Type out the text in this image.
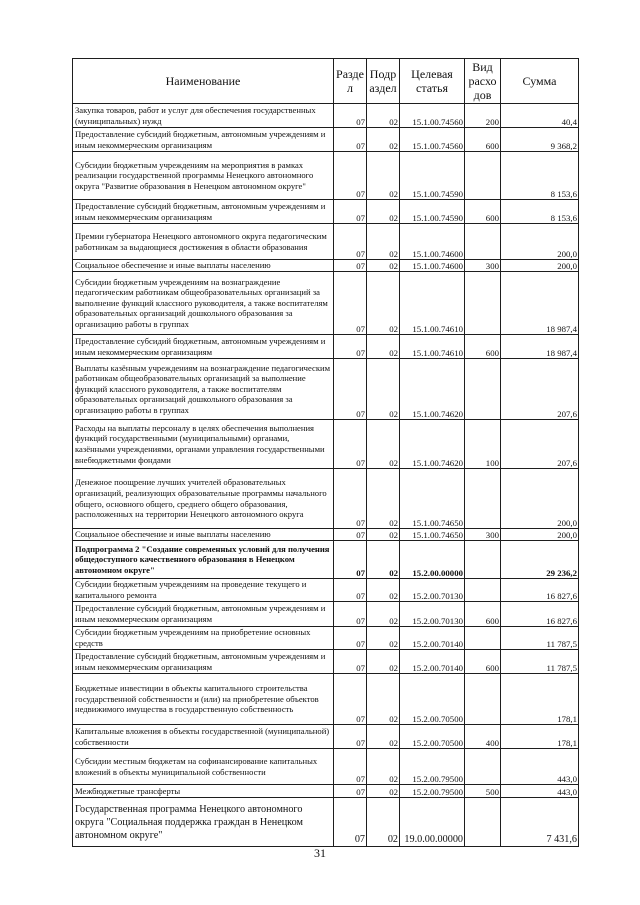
Наименование	Раздел	Подраздел	Целевая статья	Вид расходов	Сумма
Закупка товаров, работ и услуг для обеспечения государственных (муниципальных) нужд	07	02	15.1.00.74560	200	40,4
Предоставление субсидий бюджетным, автономным учреждениям и иным некоммерческим организациям	07	02	15.1.00.74560	600	9 368,2
Субсидии бюджетным учреждениям на мероприятия в рамках реализации государственной программы Ненецкого автономного округа "Развитие образования в Ненецком автономном округе"	07	02	15.1.00.74590		8 153,6
Предоставление субсидий бюджетным, автономным учреждениям и иным некоммерческим организациям	07	02	15.1.00.74590	600	8 153,6
Премии губернатора Ненецкого автономного округа педагогическим работникам за выдающиеся достижения в области образования	07	02	15.1.00.74600		200,0
Социальное обеспечение и иные выплаты населению	07	02	15.1.00.74600	300	200,0
Субсидии бюджетным учреждениям на вознаграждение педагогическим работникам общеобразовательных организаций за выполнение функций классного руководителя, а также воспитателям образовательных организаций дошкольного образования за организацию работы в группах	07	02	15.1.00.74610		18 987,4
Предоставление субсидий бюджетным, автономным учреждениям и иным некоммерческим организациям	07	02	15.1.00.74610	600	18 987,4
Выплаты казённым учреждениям на вознаграждение педагогическим работникам общеобразовательных организаций за выполнение функций классного руководителя, а также воспитателям образовательных организаций дошкольного образования за организацию работы в группах	07	02	15.1.00.74620		207,6
Расходы на выплаты персоналу в целях обеспечения выполнения функций государственными (муниципальными) органами, казёнными учреждениями, органами управления государственными внебюджетными фондами	07	02	15.1.00.74620	100	207,6
Денежное поощрение лучших учителей образовательных организаций, реализующих образовательные программы начального общего, основного общего, среднего общего образования, расположенных на территории Ненецкого автономного округа	07	02	15.1.00.74650		200,0
Социальное обеспечение и иные выплаты населению	07	02	15.1.00.74650	300	200,0
Подпрограмма 2 "Создание современных условий для получения общедоступного качественного образования в Ненецком автономном округе"	07	02	15.2.00.00000		29 236,2
Субсидии бюджетным учреждениям на проведение текущего и капитального ремонта	07	02	15.2.00.70130		16 827,6
Предоставление субсидий бюджетным, автономным учреждениям и иным некоммерческим организациям	07	02	15.2.00.70130	600	16 827,6
Субсидии бюджетным учреждениям на приобретение основных средств	07	02	15.2.00.70140		11 787,5
Предоставление субсидий бюджетным, автономным учреждениям и иным некоммерческим организациям	07	02	15.2.00.70140	600	11 787,5
Бюджетные инвестиции в объекты капитального строительства государственной собственности и (или) на приобретение объектов недвижимого имущества в государственную собственность	07	02	15.2.00.70500		178,1
Капитальные вложения в объекты государственной (муниципальной) собственности	07	02	15.2.00.70500	400	178,1
Субсидии местным бюджетам на софинансирование капитальных вложений в объекты муниципальной собственности	07	02	15.2.00.79500		443,0
Межбюджетные трансферты	07	02	15.2.00.79500	500	443,0
Государственная программа Ненецкого автономного округа "Социальная поддержка граждан в Ненецком автономном округе"	07	02	19.0.00.00000		7 431,6
31
